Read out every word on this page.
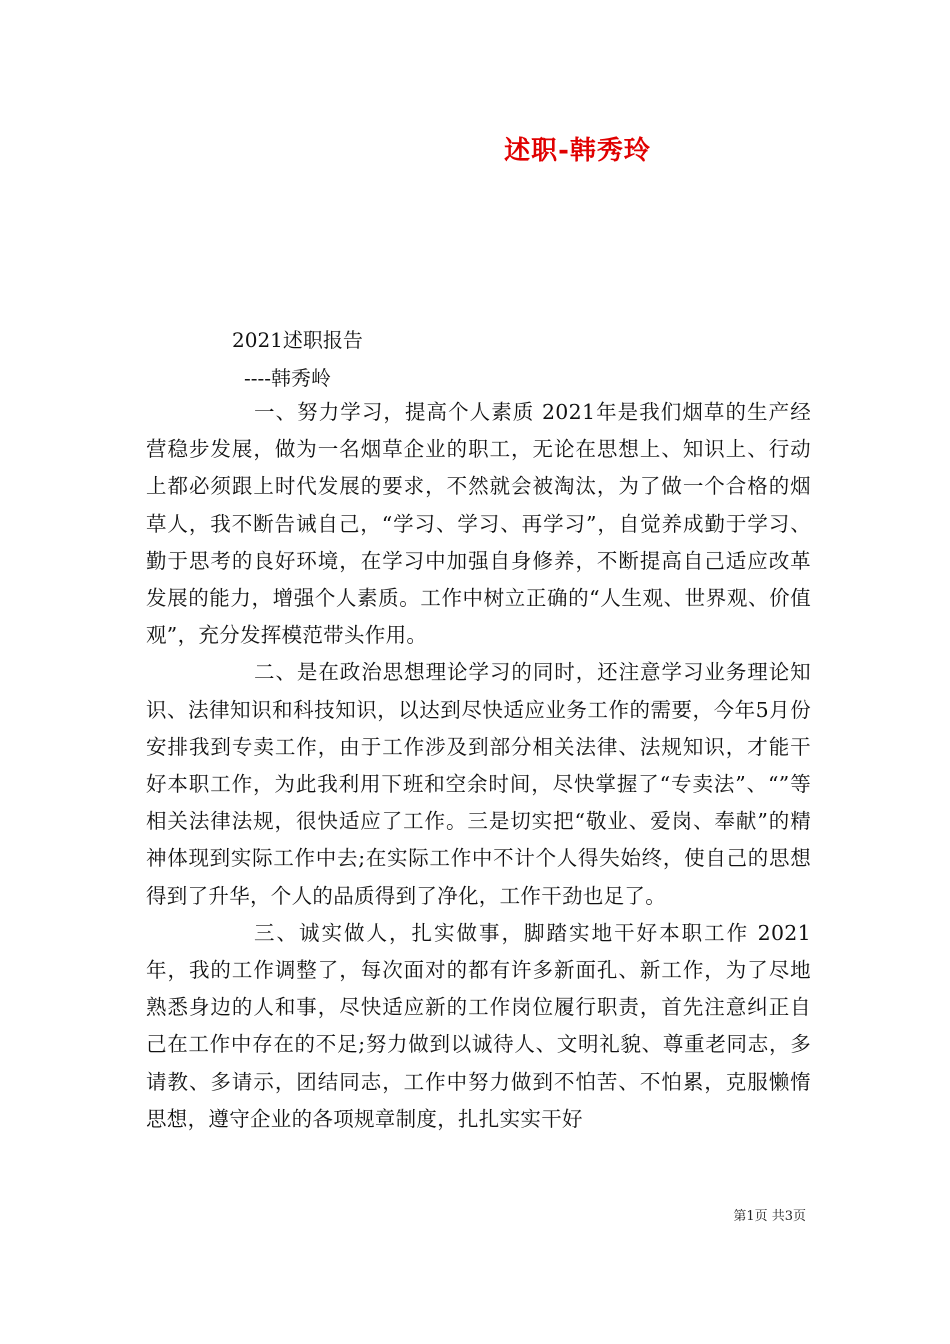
述职-韩秀玲
2021述职报告
----韩秀岭

一、努力学习，提高个人素质 2021年是我们烟草的生产经营稳步发展，做为一名烟草企业的职工，无论在思想上、知识上、行动上都必须跟上时代发展的要求，不然就会被淘汰，为了做一个合格的烟草人，我不断告诫自己，“学习、学习、再学习”，自觉养成勤于学习、勤于思考的良好环境，在学习中加强自身修养，不断提高自己适应改革发展的能力，增强个人素质。工作中树立正确的“人生观、世界观、价值观”，充分发挥模范带头作用。

二、是在政治思想理论学习的同时，还注意学习业务理论知识、法律知识和科技知识，以达到尽快适应业务工作的需要，今年5月份安排我到专卖工作，由于工作涉及到部分相关法律、法规知识，才能干好本职工作，为此我利用下班和空余时间，尽快掌握了“专卖法”、“”等相关法律法规，很快适应了工作。三是切实把“敬业、爱岗、奉献”的精神体现到实际工作中去;在实际工作中不计个人得失始终，使自己的思想得到了升华，个人的品质得到了净化，工作干劲也足了。

三、诚实做人，扎实做事，脚踏实地干好本职工作 2021年，我的工作调整了，每次面对的都有许多新面孔、新工作，为了尽地熟悉身边的人和事，尽快适应新的工作岗位履行职责，首先注意纠正自己在工作中存在的不足;努力做到以诚待人、文明礼貌、尊重老同志，多请教、多请示，团结同志，工作中努力做到不怕苦、不怕累，克服懒惰思想，遵守企业的各项规章制度，扎扎实实干好

第1页 共3页
